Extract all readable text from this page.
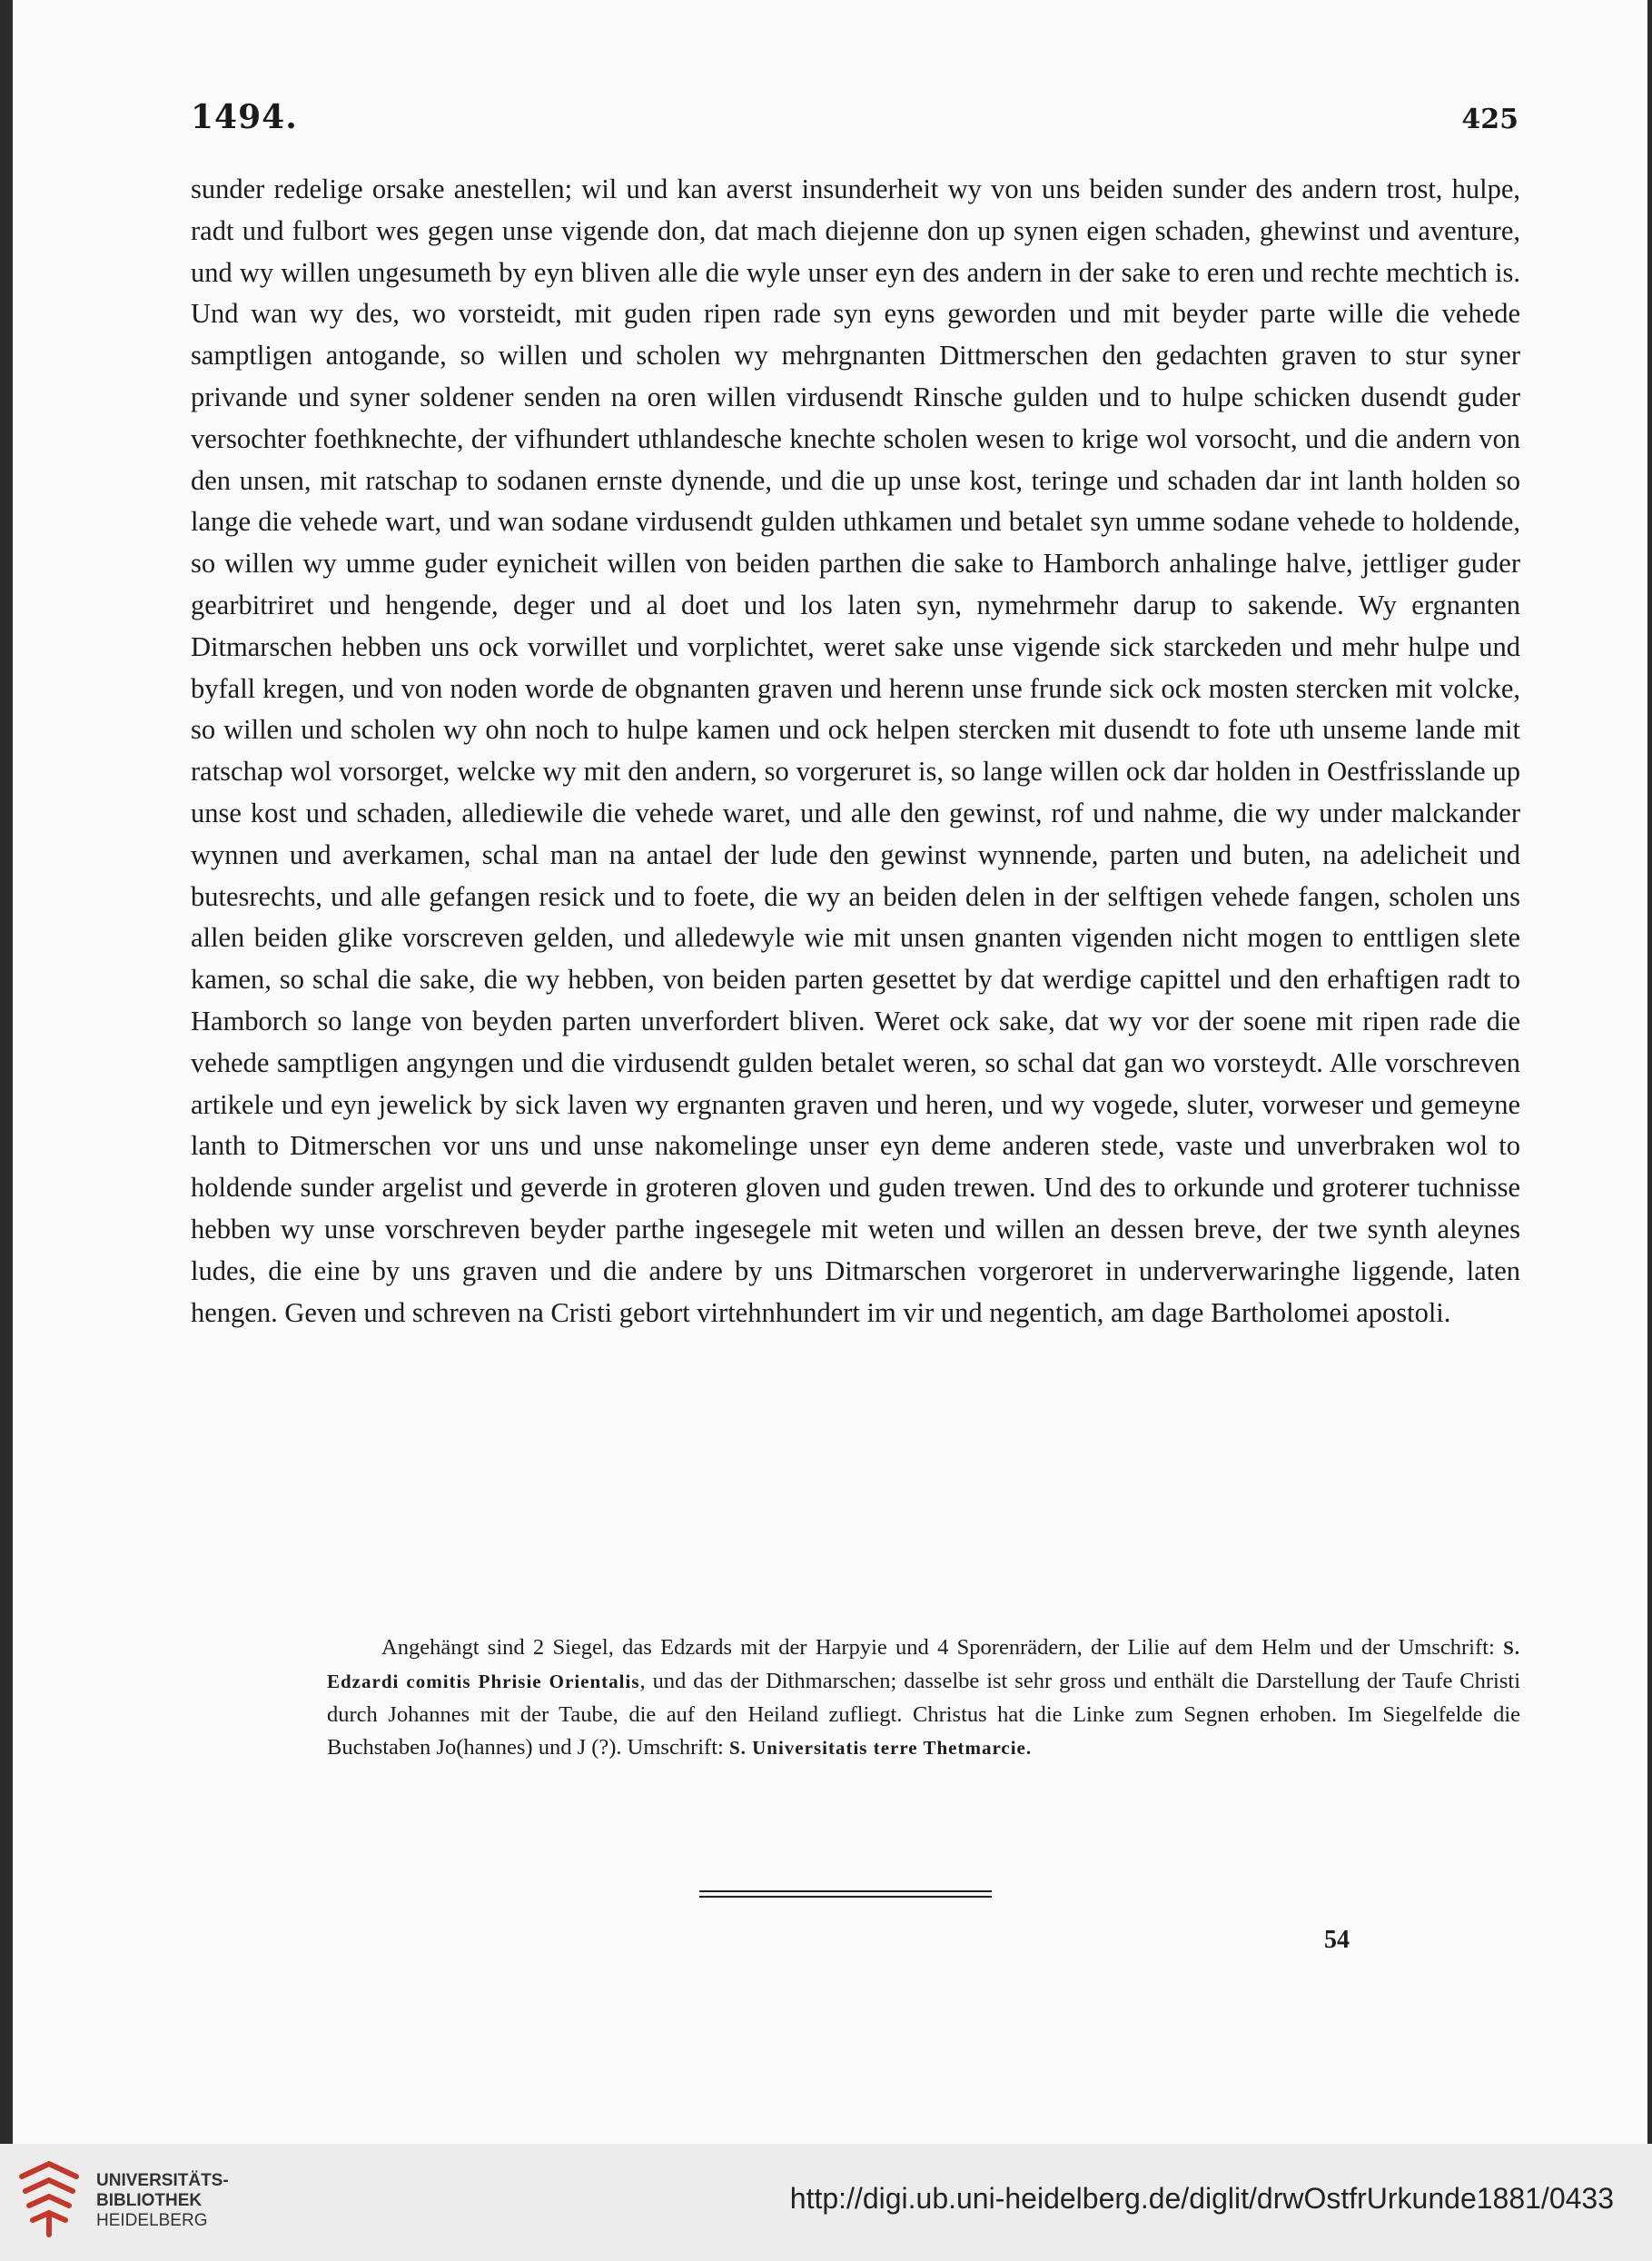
1494.	425

sunder redelige orsake anestellen; wil und kan averst insunderheit wy von uns beiden sunder des andern trost, hulpe, radt und fulbort wes gegen unse vigende don, dat mach diejenne don up synen eigen schaden, ghewinst und aventure, und wy willen ungesumeth by eyn bliven alle die wyle unser eyn des andern in der sake to eren und rechte mechtich is. Und wan wy des, wo vorsteidt, mit guden ripen rade syn eyns geworden und mit beyder parte wille die vehede samptligen antogande, so willen und scholen wy mehrgnanten Dittmerschen den gedachten graven to stur syner privande und syner soldener senden na oren willen virdusendt Rinsche gulden und to hulpe schicken dusendt guder versochter foethknechte, der vifhundert uthlandesche knechte scholen wesen to krige wol vorsocht, und die andern von den unsen, mit ratschap to sodanen ernste dynende, und die up unse kost, teringe und schaden dar int lanth holden so lange die vehede wart, und wan sodane virdusendt gulden uthkamen und betalet syn umme sodane vehede to holdende, so willen wy umme guder eynicheit willen von beiden parthen die sake to Hamborch anhalinge halve, jettliger guder gearbitriret und hengende, deger und al doet und los laten syn, nymehrmehr darup to sakende. Wy ergnanten Ditmarschen hebben uns ock vorwillet und vorplichtet, weret sake unse vigende sick starckeden und mehr hulpe und byfall kregen, und von noden worde de obgnanten graven und herenn unse frunde sick ock mosten stercken mit volcke, so willen und scholen wy ohn noch to hulpe kamen und ock helpen stercken mit dusendt to fote uth unseme lande mit ratschap wol vorsorget, welcke wy mit den andern, so vorgeruret is, so lange willen ock dar holden in Oestfrisslande up unse kost und schaden, allediewile die vehede waret, und alle den gewinst, rof und nahme, die wy under malckander wynnen und averkamen, schal man na antael der lude den gewinst wynnende, parten und buten, na adelicheit und butesrechts, und alle gefangen resick und to foete, die wy an beiden delen in der selftigen vehede fangen, scholen uns allen beiden glike vorscreven gelden, und alledewyle wie mit unsen gnanten vigenden nicht mogen to enttligen slete kamen, so schal die sake, die wy hebben, von beiden parten gesettet by dat werdige capittel und den erhaftigen radt to Hamborch so lange von beyden parten unverfordert bliven. Weret ock sake, dat wy vor der soene mit ripen rade die vehede samptligen angyngen und die virdusendt gulden betalet weren, so schal dat gan wo vorsteydt. Alle vorschreven artikele und eyn jewelick by sick laven wy ergnanten graven und heren, und wy vogede, sluter, vorweser und gemeyne lanth to Ditmerschen vor uns und unse nakomelinge unser eyn deme anderen stede, vaste und unverbraken wol to holdende sunder argelist und geverde in groteren gloven und guden trewen. Und des to orkunde und groterer tuchnisse hebben wy unse vorschreven beyder parthe ingesegele mit weten und willen an dessen breve, der twe synth aleynes ludes, die eine by uns graven und die andere by uns Ditmarschen vorgeroret in underverwaringhe liggende, laten hengen. Geven und schreven na Cristi gebort virtehnhundert im vir und negentich, am dage Bartholomei apostoli.

Angehängt sind 2 Siegel, das Edzards mit der Harpyie und 4 Sporenrädern, der Lilie auf dem Helm und der Umschrift: S. Edzardi comitis Phrisie Orientalis, und das der Dithmarschen; dasselbe ist sehr gross und enthält die Darstellung der Taufe Christi durch Johannes mit der Taube, die auf den Heiland zufliegt. Christus hat die Linke zum Segnen erhoben. Im Siegelfelde die Buchstaben Jo(hannes) und J (?). Umschrift: S. Universitatis terre Thetmarcie.

54
UNIVERSITÄTS-
BIBLIOTHEK
HEIDELBERG
http://digi.ub.uni-heidelberg.de/diglit/drwOstfrUrkunde1881/0433
